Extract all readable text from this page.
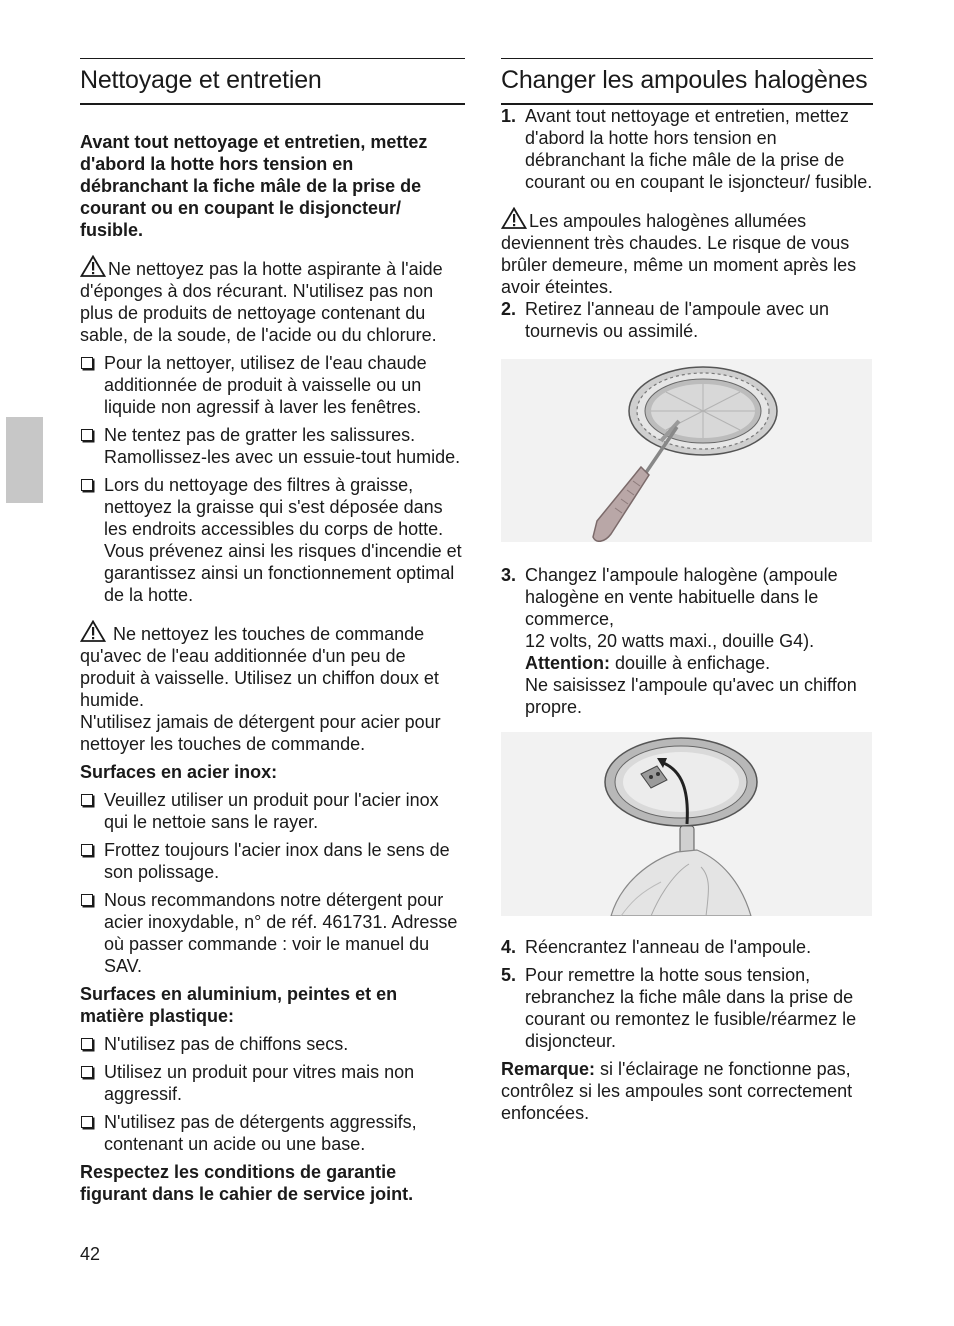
Nettoyage et entretien

Avant tout nettoyage et entretien, mettez d'abord la hotte hors tension en débranchant la fiche mâle de la prise de courant ou en coupant le disjoncteur/ fusible.

Ne nettoyez pas la hotte aspirante à l'aide d'éponges à dos récurant. N'utilisez pas non plus de produits de nettoyage contenant du sable, de la soude, de l'acide ou du chlorure.

Pour la nettoyer, utilisez de l'eau chaude additionnée de produit à vaisselle ou un liquide non agressif à laver les fenêtres.
Ne tentez pas de gratter les salissures. Ramollissez-les avec un essuie-tout humide.
Lors du nettoyage des filtres à graisse, nettoyez la graisse qui s'est déposée dans les endroits accessibles du corps de hotte. Vous prévenez ainsi les risques d'incendie et garantissez ainsi un fonctionnement optimal de la hotte.

Ne nettoyez les touches de commande qu'avec de l'eau additionnée d'un peu de produit à vaisselle. Utilisez un chiffon doux et humide.

N'utilisez jamais de détergent pour acier pour nettoyer les touches de commande.

Surfaces en acier inox:

Veuillez utiliser un produit pour l'acier inox qui le nettoie sans le rayer.
Frottez toujours l'acier inox dans le sens de son polissage.
Nous recommandons notre détergent pour acier inoxydable, n° de réf. 461731. Adresse où passer commande : voir le manuel du SAV.

Surfaces en aluminium, peintes et en matière plastique:

N'utilisez pas de chiffons secs.
Utilisez un produit pour vitres mais non aggressif.
N'utilisez pas de détergents aggressifs, contenant un acide ou une base.

Respectez les conditions de garantie figurant dans le cahier de service joint.

Changer les ampoules halogènes
1. Avant tout nettoyage et entretien, mettez d'abord la hotte hors tension en débranchant la fiche mâle de la prise de courant ou en coupant le isjoncteur/ fusible.

Les ampoules halogènes allumées deviennent très chaudes. Le risque de vous brûler demeure, même un moment après les avoir éteintes.

2. Retirez l'anneau de l'ampoule avec un tournevis ou assimilé.
3. Changez l'ampoule halogène (ampoule halogène en vente habituelle dans le commerce,
12 volts, 20 watts maxi., douille G4).
Attention: douille à enfichage.
Ne saisissez l'ampoule qu'avec un chiffon propre.
4. Réencrantez l'anneau de l'ampoule.
5. Pour remettre la hotte sous tension, rebranchez la fiche mâle dans la prise de courant ou remontez le fusible/réarmez le disjoncteur.

Remarque: si l'éclairage ne fonctionne pas, contrôlez si les ampoules sont correctement enfoncées.

42
